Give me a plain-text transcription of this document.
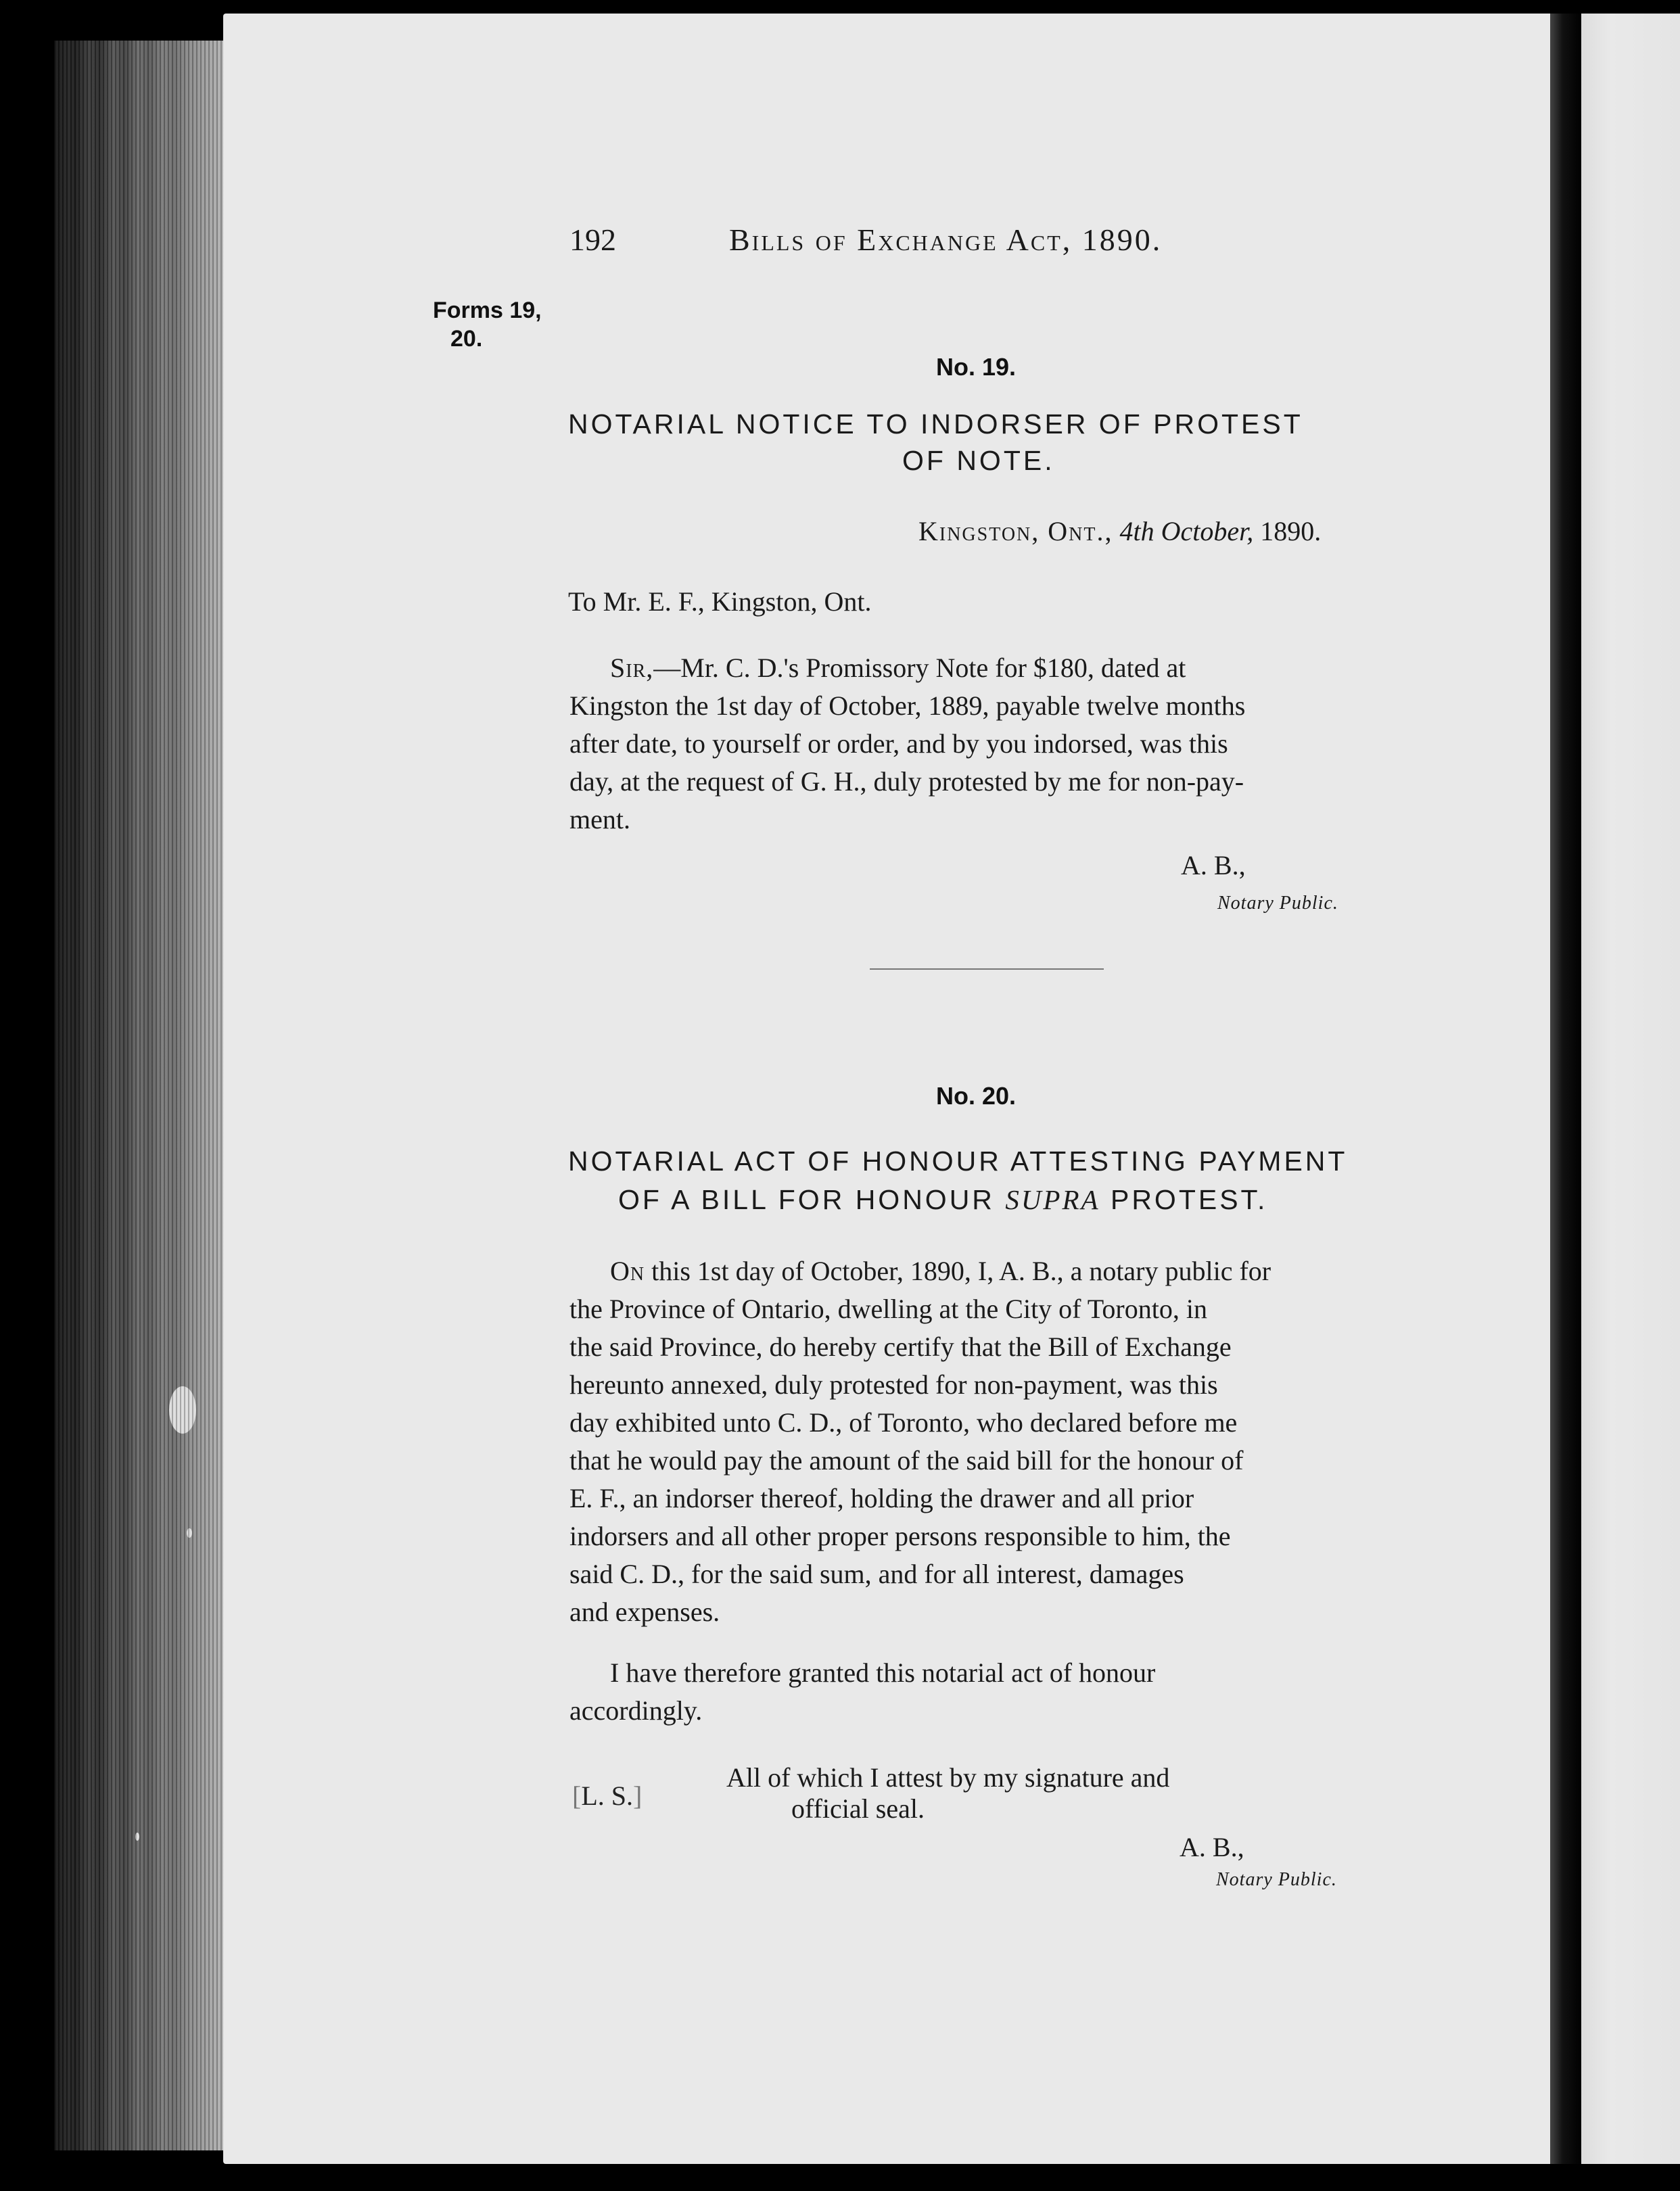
192	Bills of Exchange Act, 1890.
Forms 19,
20.
No. 19.
NOTARIAL NOTICE TO INDORSER OF PROTEST
OF NOTE.
Kingston, Ont., 4th October, 1890.
To Mr. E. F., Kingston, Ont.
Sir,—Mr. C. D.'s Promissory Note for $180, dated at
Kingston the 1st day of October, 1889, payable twelve months
after date, to yourself or order, and by you indorsed, was this
day, at the request of G. H., duly protested by me for non-pay-
ment.
A. B.,
Notary Public.
No. 20.
NOTARIAL ACT OF HONOUR ATTESTING PAYMENT
OF A BILL FOR HONOUR SUPRA PROTEST.
On this 1st day of October, 1890, I, A. B., a notary public for
the Province of Ontario, dwelling at the City of Toronto, in
the said Province, do hereby certify that the Bill of Exchange
hereunto annexed, duly protested for non-payment, was this
day exhibited unto C. D., of Toronto, who declared before me
that he would pay the amount of the said bill for the honour of
E. F., an indorser thereof, holding the drawer and all prior
indorsers and all other proper persons responsible to him, the
said C. D., for the said sum, and for all interest, damages
and expenses.
I have therefore granted this notarial act of honour
accordingly.
[L. S.]
All of which I attest by my signature and
official seal.
A. B.,
Notary Public.
